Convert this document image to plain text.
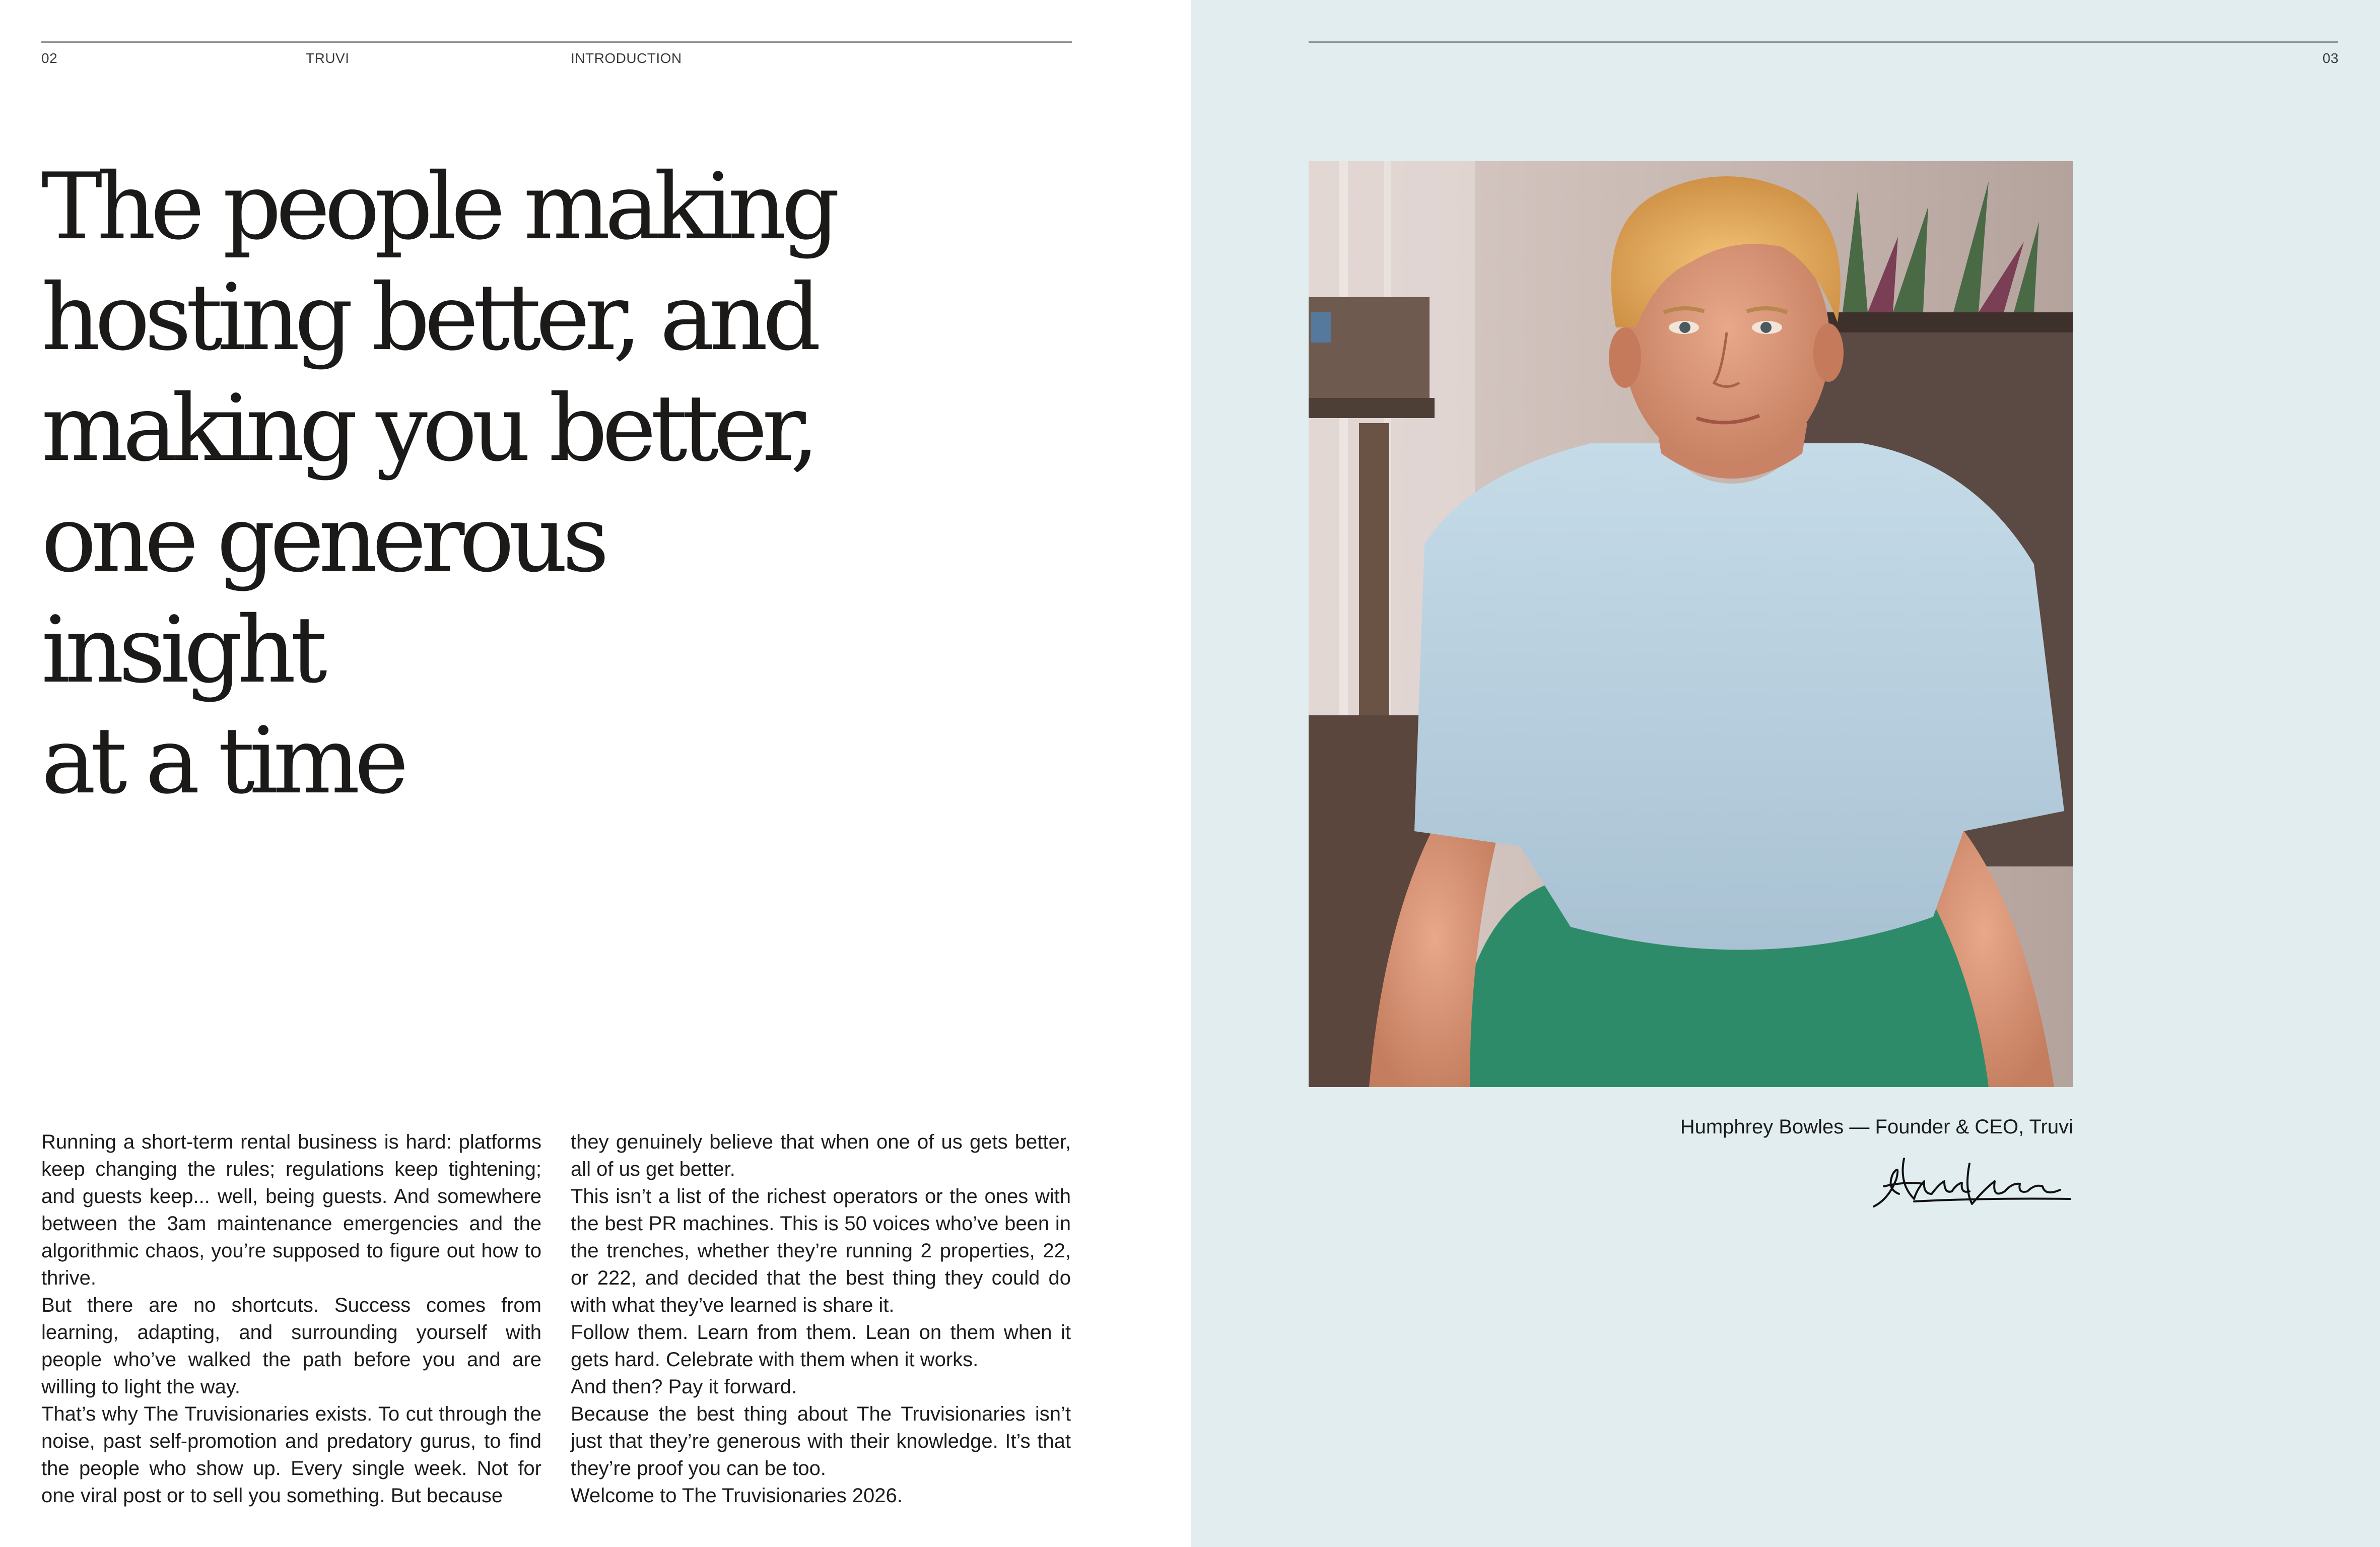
02	TRUVI	INTRODUCTION
The people making
hosting better, and
making you better,
one generous insight
at a time

Running a short-term rental business is hard: platforms keep changing the rules; regulations keep tightening; and guests keep... well, being guests. And somewhere between the 3am maintenance emergencies and the algorithmic chaos, you’re supposed to figure out how to thrive.

But there are no shortcuts. Success comes from learning, adapting, and surrounding yourself with people who’ve walked the path before you and are willing to light the way.

That’s why The Truvisionaries exists. To cut through the noise, past self-promotion and predatory gurus, to find the people who show up. Every single week. Not for one viral post or to sell you something. But because

they genuinely believe that when one of us gets better, all of us get better.

This isn’t a list of the richest operators or the ones with the best PR machines. This is 50 voices who’ve been in the trenches, whether they’re running 2 properties, 22, or 222, and decided that the best thing they could do with what they’ve learned is share it.

Follow them. Learn from them. Lean on them when it gets hard. Celebrate with them when it works.

And then? Pay it forward.

Because the best thing about The Truvisionaries isn’t just that they’re generous with their knowledge. It’s that they’re proof you can be too.

Welcome to The Truvisionaries 2026.

03
Humphrey Bowles — Founder & CEO, Truvi
